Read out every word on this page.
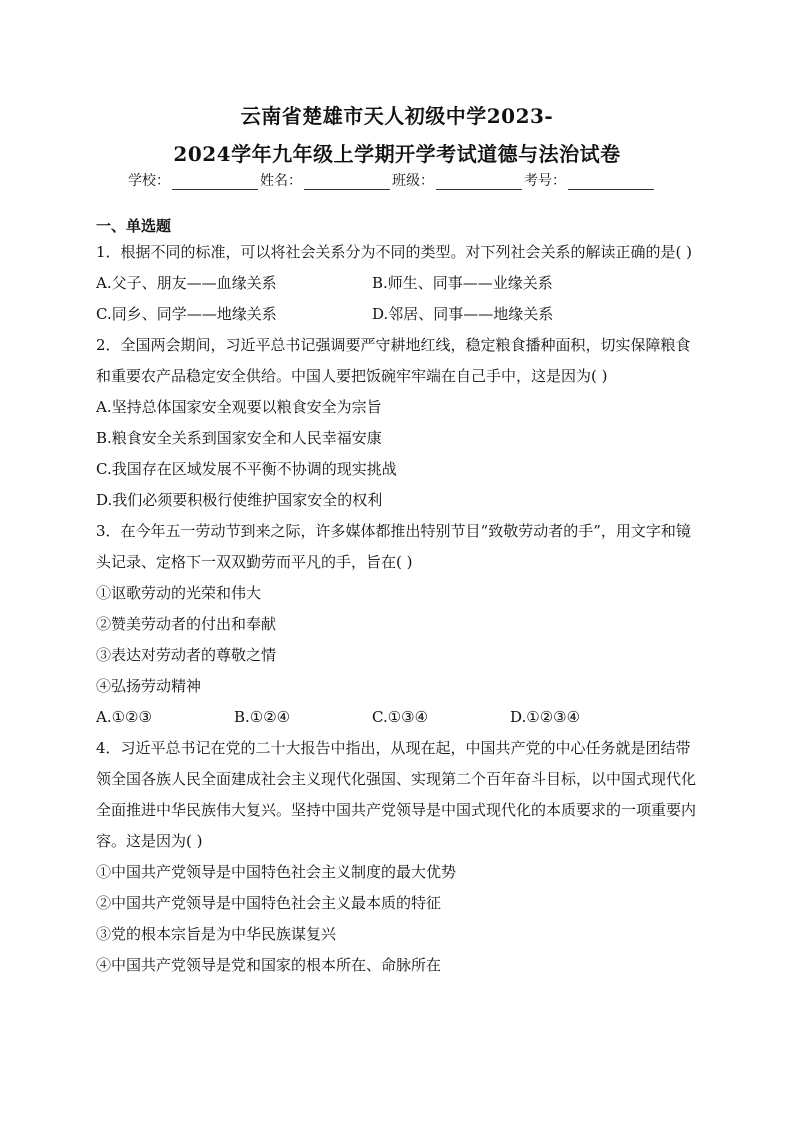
云南省楚雄市天人初级中学2023-
2024学年九年级上学期开学考试道德与法治试卷
学校：	姓名：	班级：	考号：
一、单选题

1．根据不同的标准，可以将社会关系分为不同的类型。对下列社会关系的解读正确的是( )

A.父子、朋友——血缘关系	B.师生、同事——业缘关系
C.同乡、同学——地缘关系	D.邻居、同事——地缘关系

2．全国两会期间，习近平总书记强调要严守耕地红线，稳定粮食播种面积，切实保障粮食和重要农产品稳定安全供给。中国人要把饭碗牢牢端在自己手中，这是因为( )

A.坚持总体国家安全观要以粮食安全为宗旨

B.粮食安全关系到国家安全和人民幸福安康

C.我国存在区域发展不平衡不协调的现实挑战

D.我们必须要积极行使维护国家安全的权利

3．在今年五一劳动节到来之际，许多媒体都推出特别节目“致敬劳动者的手”，用文字和镜头记录、定格下一双双勤劳而平凡的手，旨在( )

①讴歌劳动的光荣和伟大

②赞美劳动者的付出和奉献

③表达对劳动者的尊敬之情

④弘扬劳动精神

A.①②③	B.①②④	C.①③④	D.①②③④

4．习近平总书记在党的二十大报告中指出，从现在起，中国共产党的中心任务就是团结带领全国各族人民全面建成社会主义现代化强国、实现第二个百年奋斗目标，以中国式现代化全面推进中华民族伟大复兴。坚持中国共产党领导是中国式现代化的本质要求的一项重要内容。这是因为( )

①中国共产党领导是中国特色社会主义制度的最大优势

②中国共产党领导是中国特色社会主义最本质的特征

③党的根本宗旨是为中华民族谋复兴

④中国共产党领导是党和国家的根本所在、命脉所在
